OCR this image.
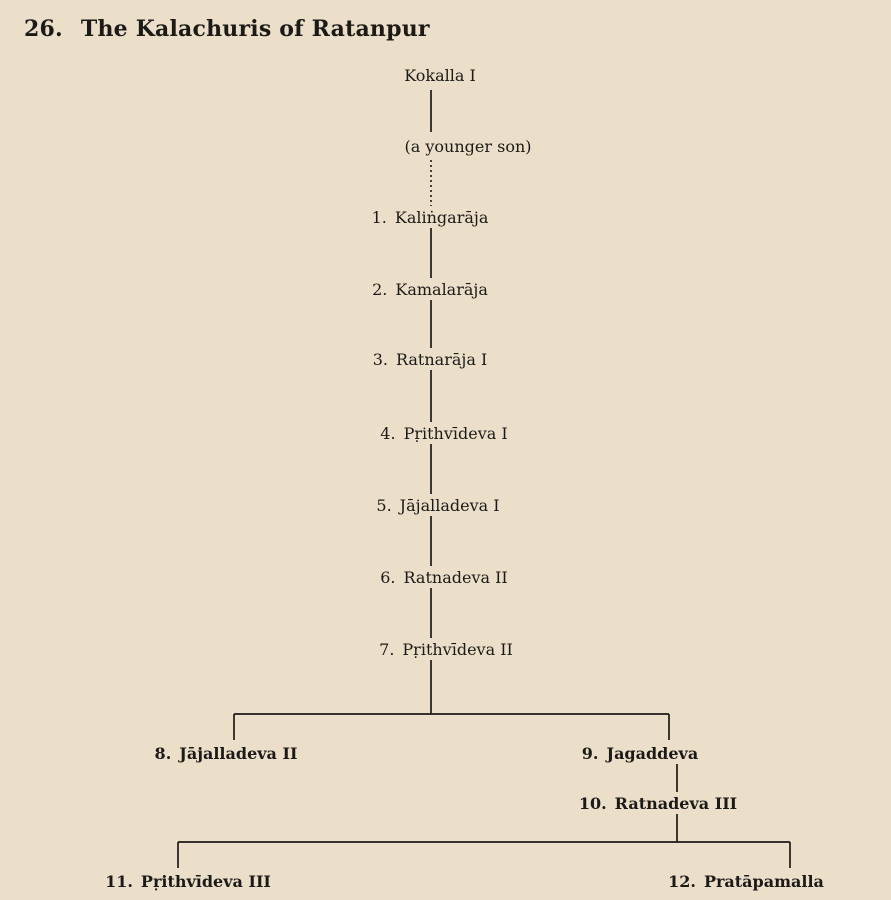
26. The Kalachuris of Ratanpur
Kokalla I
(a younger son)
1. Kaliṅgarāja
2. Kamalarāja
3. Ratnarāja I
4. Pṛithvīdeva I
5. Jājalladeva I
6. Ratnadeva II
7. Pṛithvīdeva II
8. Jājalladeva II	9. Jagaddeva
10. Ratnadeva III
11. Pṛithvīdeva III	12. Pratāpamalla
